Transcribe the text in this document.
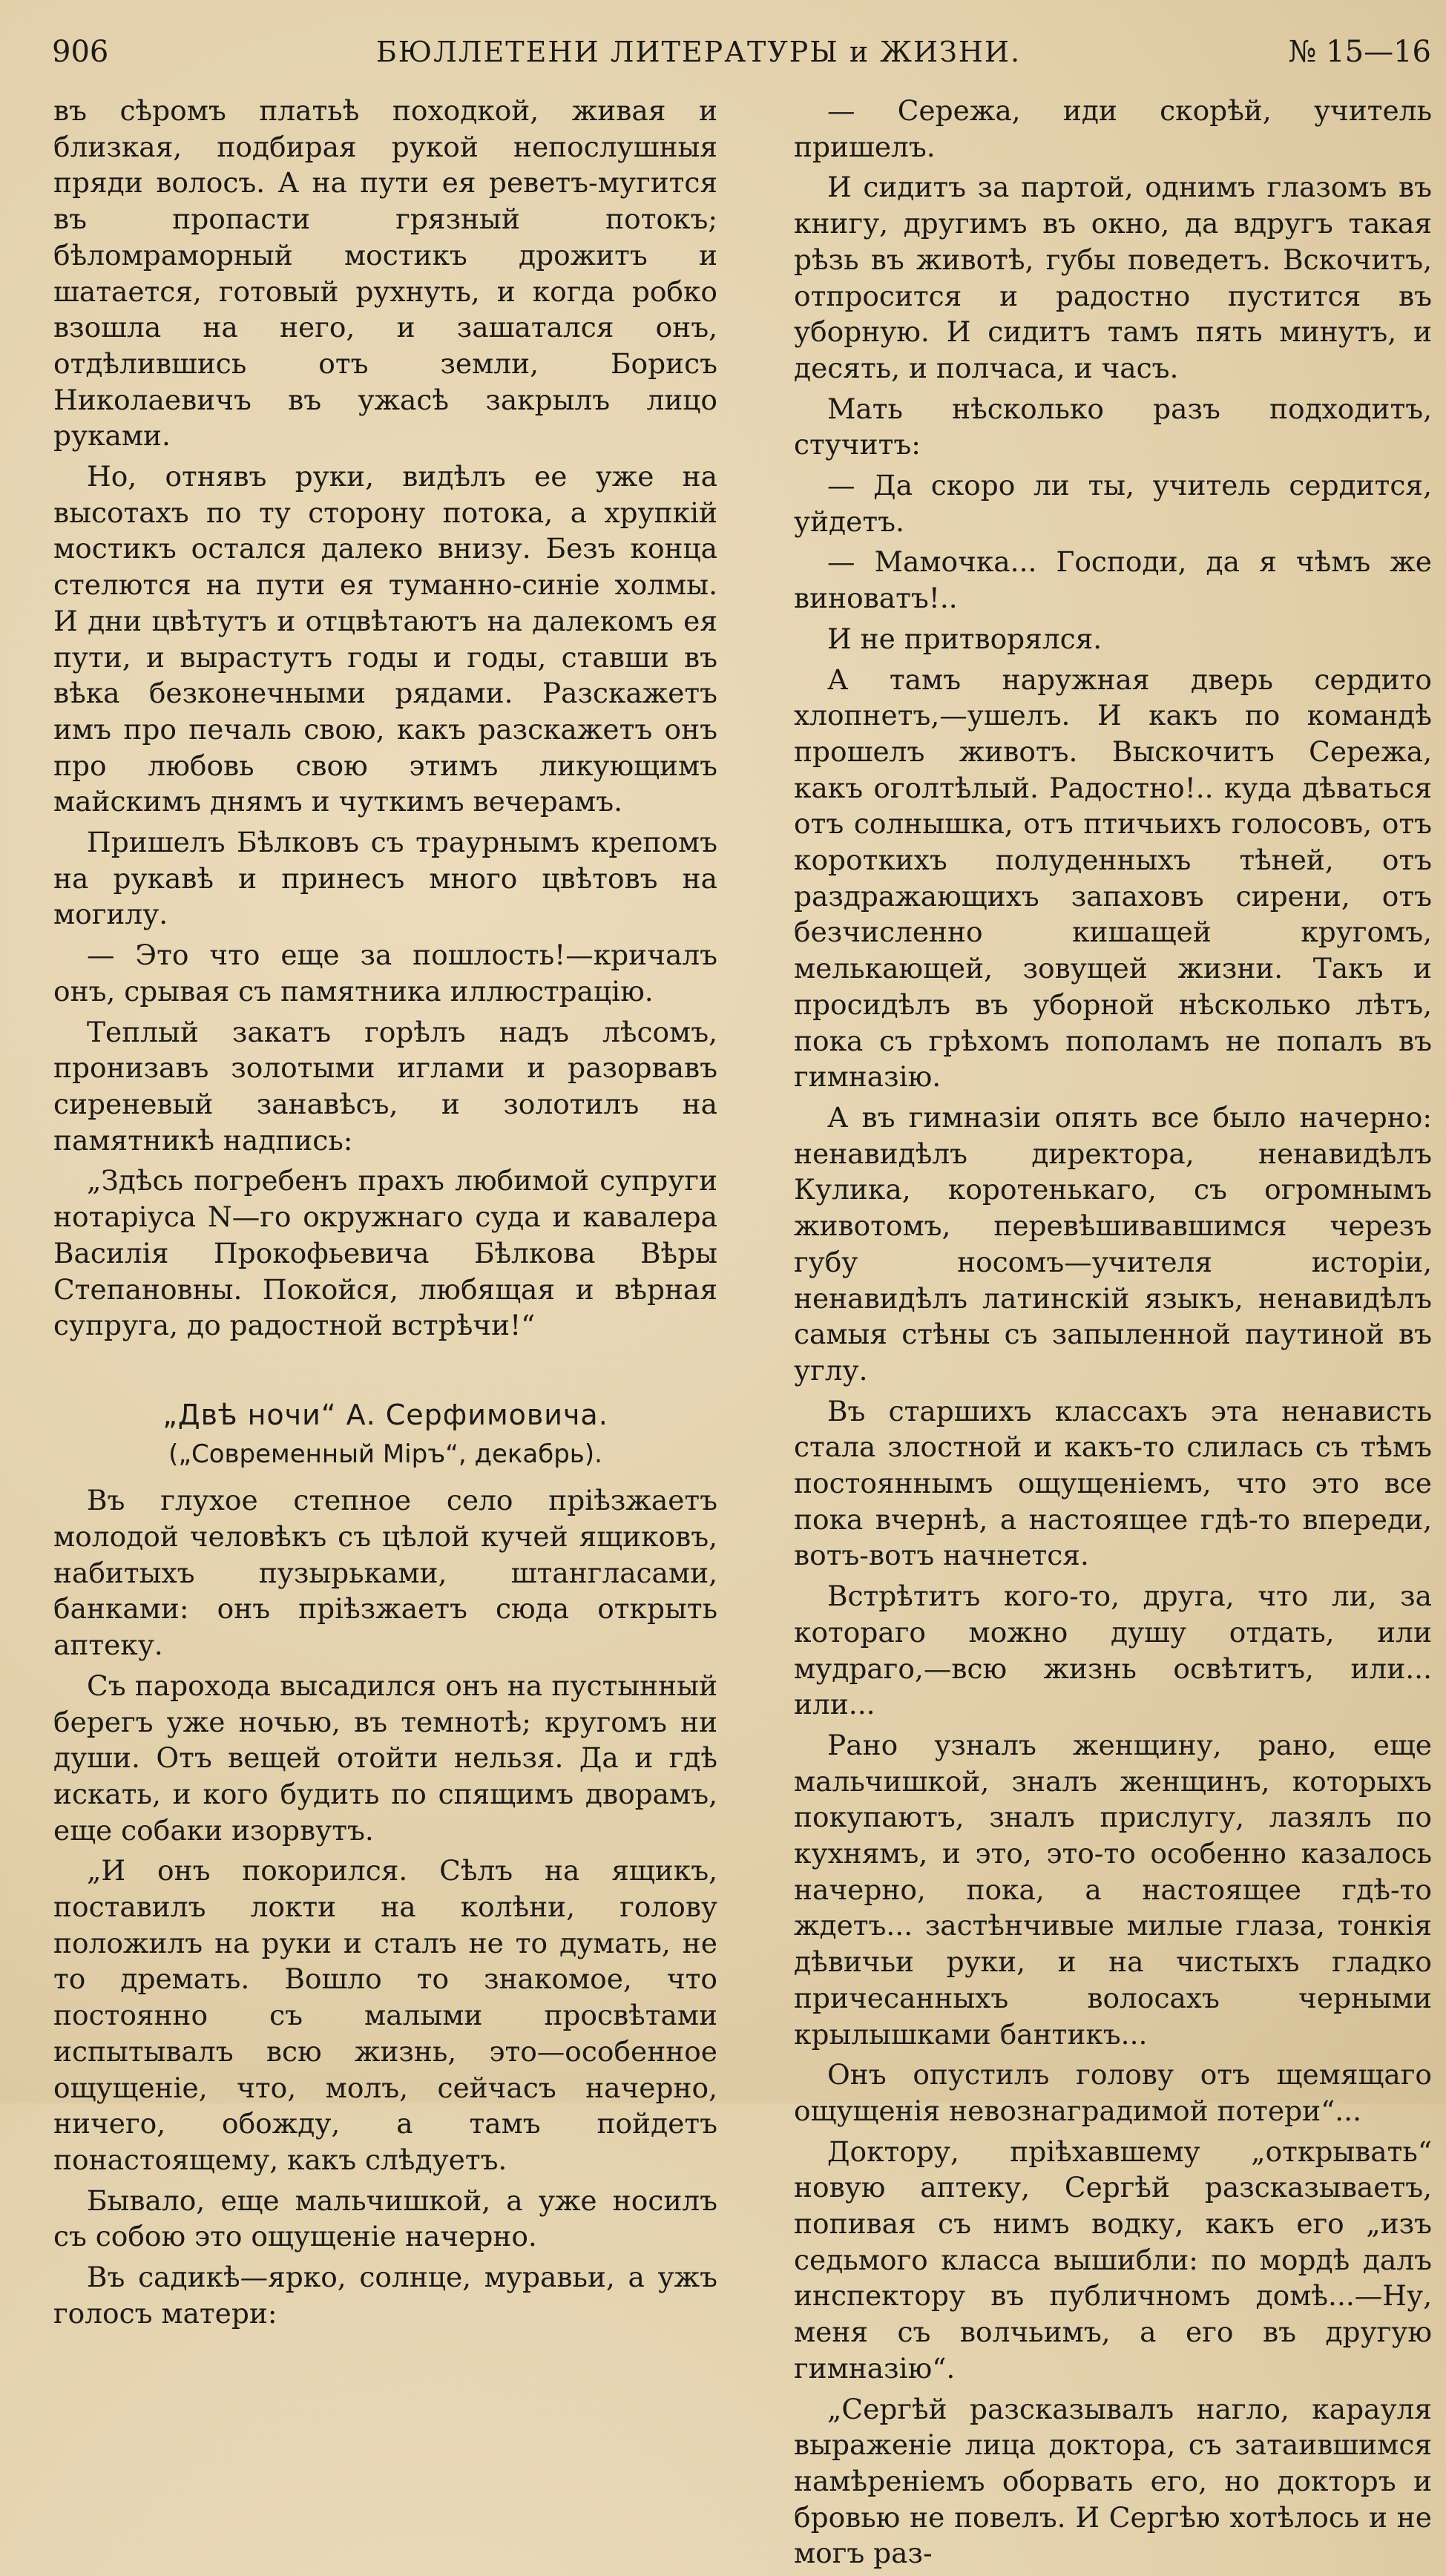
906	БЮЛЛЕТЕНИ ЛИТЕРАТУРЫ и ЖИЗНИ.	№ 15—16

въ сѣромъ платьѣ походкой, живая и близкая, подбирая рукой непослушныя пряди волосъ. А на пути ея реветъ-мугится въ пропасти грязный потокъ; бѣломраморный мостикъ дрожитъ и шатается, готовый рухнуть, и когда робко взошла на него, и зашатался онъ, отдѣлившись отъ земли, Борисъ Николаевичъ въ ужасѣ закрылъ лицо руками.

Но, отнявъ руки, видѣлъ ее уже на высотахъ по ту сторону потока, а хрупкій мостикъ остался далеко внизу. Безъ конца стелются на пути ея туманно-синіе холмы. И дни цвѣтутъ и отцвѣтаютъ на далекомъ ея пути, и вырастутъ годы и годы, ставши въ вѣка безконечными рядами. Разскажетъ имъ про печаль свою, какъ разскажетъ онъ про любовь свою этимъ ликующимъ майскимъ днямъ и чуткимъ вечерамъ.

Пришелъ Бѣлковъ съ траурнымъ крепомъ на рукавѣ и принесъ много цвѣтовъ на могилу.

— Это что еще за пошлость!—кричалъ онъ, срывая съ памятника иллюстрацію.

Теплый закатъ горѣлъ надъ лѣсомъ, пронизавъ золотыми иглами и разорвавъ сиреневый занавѣсъ, и золотилъ на памятникѣ надпись:

„Здѣсь погребенъ прахъ любимой супруги нотаріуса N—го окружнаго суда и кавалера Василія Прокофьевича Бѣлкова Вѣры Степановны. Покойся, любящая и вѣрная супруга, до радостной встрѣчи!“

„Двѣ ночи“ А. Серфимовича.

(„Современный Міръ“, декабрь).

Въ глухое степное село пріѣзжаетъ молодой человѣкъ съ цѣлой кучей ящиковъ, набитыхъ пузырьками, штангласами, банками: онъ пріѣзжаетъ сюда открыть аптеку.

Съ парохода высадился онъ на пустынный берегъ уже ночью, въ темнотѣ; кругомъ ни души. Отъ вещей отойти нельзя. Да и гдѣ искать, и кого будить по спящимъ дворамъ, еще собаки изорвутъ.

„И онъ покорился. Сѣлъ на ящикъ, поставилъ локти на колѣни, голову положилъ на руки и сталъ не то думать, не то дремать. Вошло то знакомое, что постоянно съ малыми просвѣтами испытывалъ всю жизнь, это—особенное ощущеніе, что, молъ, сейчасъ начерно, ничего, обожду, а тамъ пойдетъ понастоящему, какъ слѣдуетъ.

Бывало, еще мальчишкой, а уже носилъ съ собою это ощущеніе начерно.

Въ садикѣ—ярко, солнце, муравьи, а ужъ голосъ матери:

— Сережа, иди скорѣй, учитель пришелъ.

И сидитъ за партой, однимъ глазомъ въ книгу, другимъ въ окно, да вдругъ такая рѣзь въ животѣ, губы поведетъ. Вскочитъ, отпросится и радостно пустится въ уборную. И сидитъ тамъ пять минутъ, и десять, и полчаса, и часъ.

Мать нѣсколько разъ подходитъ, стучитъ:

— Да скоро ли ты, учитель сердится, уйдетъ.

— Мамочка... Господи, да я чѣмъ же виноватъ!..

И не притворялся.

А тамъ наружная дверь сердито хлопнетъ,—ушелъ. И какъ по командѣ прошелъ животъ. Выскочитъ Сережа, какъ оголтѣлый. Радостно!.. куда дѣваться отъ солнышка, отъ птичьихъ голосовъ, отъ короткихъ полуденныхъ тѣней, отъ раздражающихъ запаховъ сирени, отъ безчисленно кишащей кругомъ, мелькающей, зовущей жизни. Такъ и просидѣлъ въ уборной нѣсколько лѣтъ, пока съ грѣхомъ пополамъ не попалъ въ гимназію.

А въ гимназіи опять все было начерно: ненавидѣлъ директора, ненавидѣлъ Кулика, коротенькаго, съ огромнымъ животомъ, перевѣшивавшимся черезъ губу носомъ—учителя исторіи, ненавидѣлъ латинскій языкъ, ненавидѣлъ самыя стѣны съ запыленной паутиной въ углу.

Въ старшихъ классахъ эта ненависть стала злостной и какъ-то слилась съ тѣмъ постояннымъ ощущеніемъ, что это все пока вчернѣ, а настоящее гдѣ-то впереди, вотъ-вотъ начнется.

Встрѣтитъ кого-то, друга, что ли, за котораго можно душу отдать, или мудраго,—всю жизнь освѣтитъ, или... или...

Рано узналъ женщину, рано, еще мальчишкой, зналъ женщинъ, которыхъ покупаютъ, зналъ прислугу, лазялъ по кухнямъ, и это, это-то особенно казалось начерно, пока, а настоящее гдѣ-то ждетъ... застѣнчивые милые глаза, тонкія дѣвичьи руки, и на чистыхъ гладко причесанныхъ волосахъ черными крылышками бантикъ...

Онъ опустилъ голову отъ щемящаго ощущенія невознаградимой потери“...

Доктору, пріѣхавшему „открывать“ новую аптеку, Сергѣй разсказываетъ, попивая съ нимъ водку, какъ его „изъ седьмого класса вышибли: по мордѣ далъ инспектору въ публичномъ домѣ...—Ну, меня съ волчьимъ, а его въ другую гимназію“.

„Сергѣй разсказывалъ нагло, карауля выраженіе лица доктора, съ затаившимся намѣреніемъ оборвать его, но докторъ и бровью не повелъ. И Сергѣю хотѣлось и не могъ раз-
